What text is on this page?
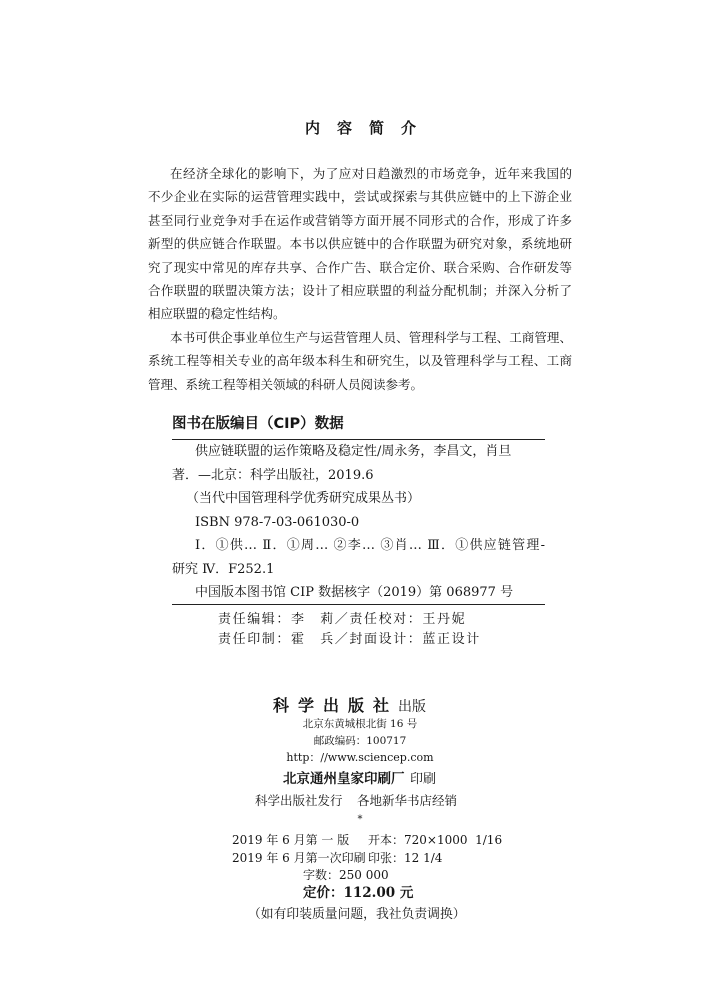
内容简介
在经济全球化的影响下，为了应对日趋激烈的市场竞争，近年来我国的
不少企业在实际的运营管理实践中，尝试或探索与其供应链中的上下游企业
甚至同行业竞争对手在运作或营销等方面开展不同形式的合作，形成了许多
新型的供应链合作联盟。本书以供应链中的合作联盟为研究对象，系统地研
究了现实中常见的库存共享、合作广告、联合定价、联合采购、合作研发等
合作联盟的联盟决策方法；设计了相应联盟的利益分配机制；并深入分析了
相应联盟的稳定性结构。
本书可供企事业单位生产与运营管理人员、管理科学与工程、工商管理、
系统工程等相关专业的高年级本科生和研究生，以及管理科学与工程、工商
管理、系统工程等相关领域的科研人员阅读参考。
图书在版编目（CIP）数据
供应链联盟的运作策略及稳定性/周永务，李昌文，肖旦
著．—北京：科学出版社，2019.6
（当代中国管理科学优秀研究成果丛书）
ISBN 978-7-03-061030-0
Ⅰ．①供… Ⅱ．①周… ②李… ③肖… Ⅲ．①供应链管理-
研究 Ⅳ．F252.1
中国版本图书馆 CIP 数据核字（2019）第 068977 号
责任编辑：李　莉／责任校对：王丹妮
责任印制：霍　兵／封面设计：蓝正设计
科学出版社 出版
北京东黄城根北街 16 号
邮政编码：100717
http：//www.sciencep.com
北京通州皇家印刷厂 印刷
科学出版社发行 各地新华书店经销
*
2019 年 6 月第 一 版 开本：720×1000  1/16
2019 年 6 月第一次印刷 印张：12 1/4
字数：250 000
定价：112.00 元
（如有印装质量问题，我社负责调换）
